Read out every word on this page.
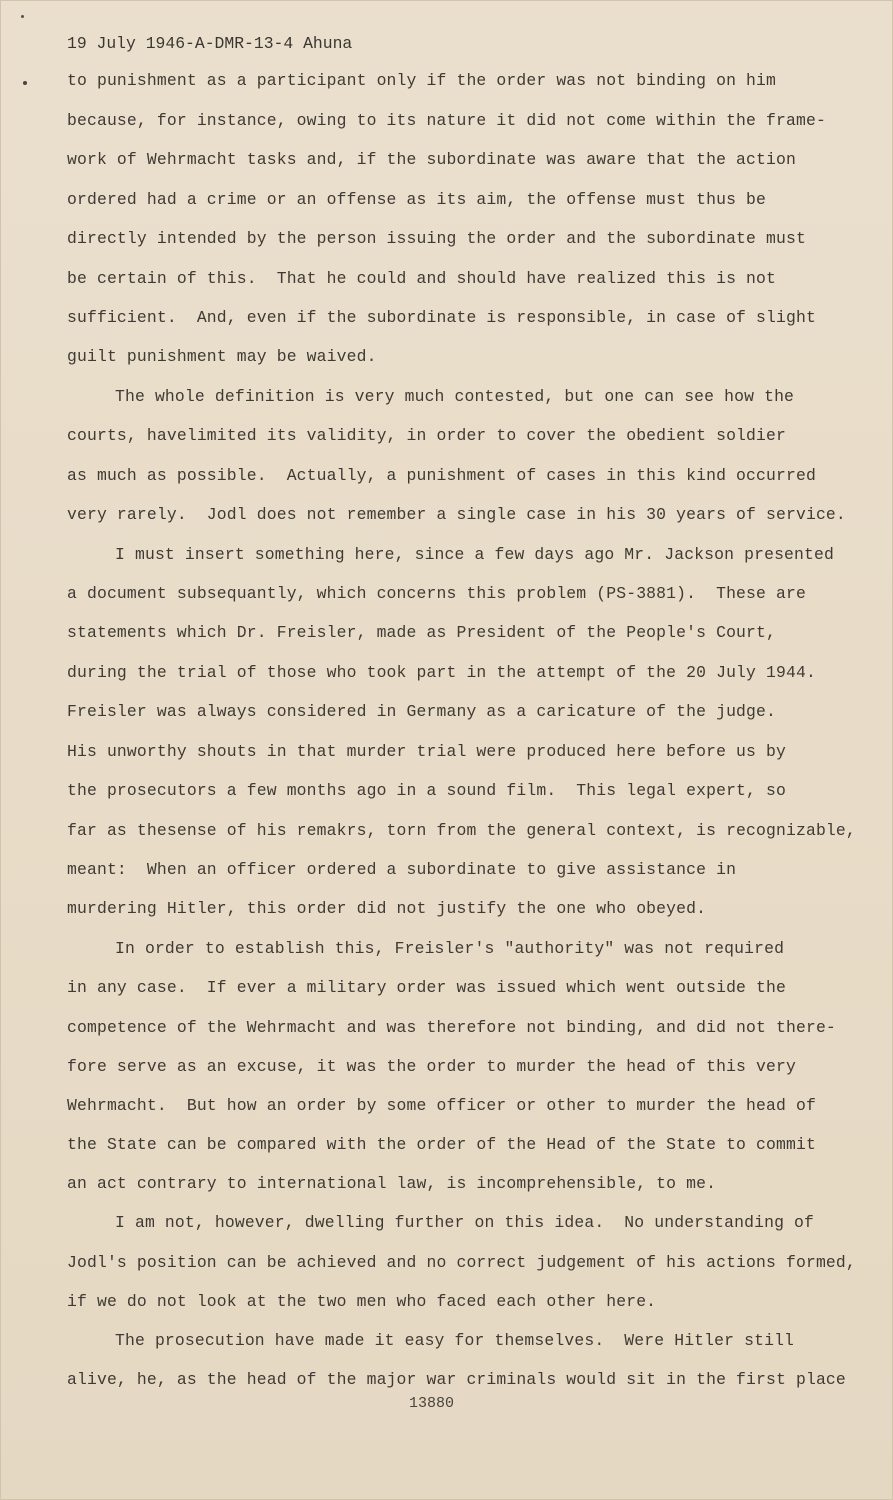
19 July 1946-A-DMR-13-4 Ahuna

to punishment as a participant only if the order was not binding on him

because, for instance, owing to its nature it did not come within the frame-

work of Wehrmacht tasks and, if the subordinate was aware that the action

ordered had a crime or an offense as its aim, the offense must thus be

directly intended by the person issuing the order and the subordinate must

be certain of this.  That he could and should have realized this is not

sufficient.  And, even if the subordinate is responsible, in case of slight

guilt punishment may be waived.

The whole definition is very much contested, but one can see how the

courts, havelimited its validity, in order to cover the obedient soldier

as much as possible.  Actually, a punishment of cases in this kind occurred

very rarely.  Jodl does not remember a single case in his 30 years of service.

I must insert something here, since a few days ago Mr. Jackson presented

a document subsequantly, which concerns this problem (PS-3881).  These are

statements which Dr. Freisler, made as President of the People's Court,

during the trial of those who took part in the attempt of the 20 July 1944.

Freisler was always considered in Germany as a caricature of the judge.

His unworthy shouts in that murder trial were produced here before us by

the prosecutors a few months ago in a sound film.  This legal expert, so

far as thesense of his remakrs, torn from the general context, is recognizable,

meant:  When an officer ordered a subordinate to give assistance in

murdering Hitler, this order did not justify the one who obeyed.

In order to establish this, Freisler's "authority" was not required

in any case.  If ever a military order was issued which went outside the

competence of the Wehrmacht and was therefore not binding, and did not there-

fore serve as an excuse, it was the order to murder the head of this very

Wehrmacht.  But how an order by some officer or other to murder the head of

the State can be compared with the order of the Head of the State to commit

an act contrary to international law, is incomprehensible, to me.

I am not, however, dwelling further on this idea.  No understanding of

Jodl's position can be achieved and no correct judgement of his actions formed,

if we do not look at the two men who faced each other here.

The prosecution have made it easy for themselves.  Were Hitler still

alive, he, as the head of the major war criminals would sit in the first place

13880
